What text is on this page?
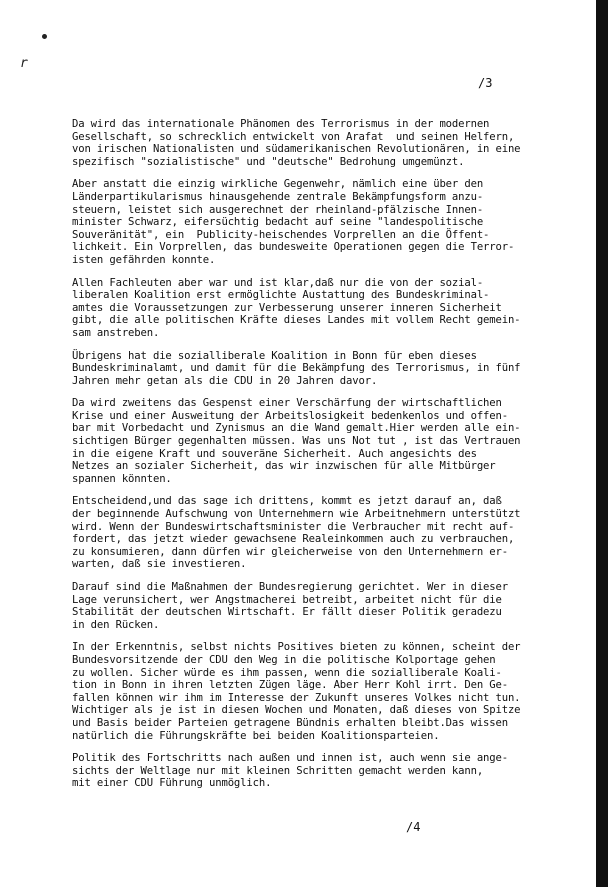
r
/3

Da wird das internationale Phänomen des Terrorismus in der modernen
Gesellschaft, so schrecklich entwickelt von Arafat  und seinen Helfern,
von irischen Nationalisten und südamerikanischen Revolutionären, in eine
spezifisch "sozialistische" und "deutsche" Bedrohung umgemünzt.

Aber anstatt die einzig wirkliche Gegenwehr, nämlich eine über den
Länderpartikularismus hinausgehende zentrale Bekämpfungsform anzu-
steuern, leistet sich ausgerechnet der rheinland-pfälzische Innen-
minister Schwarz, eifersüchtig bedacht auf seine "landespolitische
Souveränität", ein  Publicity-heischendes Vorprellen an die Öffent-
lichkeit. Ein Vorprellen, das bundesweite Operationen gegen die Terror-
isten gefährden konnte.

Allen Fachleuten aber war und ist klar,daß nur die von der sozial-
liberalen Koalition erst ermöglichte Austattung des Bundeskriminal-
amtes die Voraussetzungen zur Verbesserung unserer inneren Sicherheit
gibt, die alle politischen Kräfte dieses Landes mit vollem Recht gemein-
sam anstreben.

Übrigens hat die sozialliberale Koalition in Bonn für eben dieses
Bundeskriminalamt, und damit für die Bekämpfung des Terrorismus, in fünf
Jahren mehr getan als die CDU in 20 Jahren davor.

Da wird zweitens das Gespenst einer Verschärfung der wirtschaftlichen
Krise und einer Ausweitung der Arbeitslosigkeit bedenkenlos und offen-
bar mit Vorbedacht und Zynismus an die Wand gemalt.Hier werden alle ein-
sichtigen Bürger gegenhalten müssen. Was uns Not tut , ist das Vertrauen
in die eigene Kraft und souveräne Sicherheit. Auch angesichts des
Netzes an sozialer Sicherheit, das wir inzwischen für alle Mitbürger
spannen könnten.

Entscheidend,und das sage ich drittens, kommt es jetzt darauf an, daß
der beginnende Aufschwung von Unternehmern wie Arbeitnehmern unterstützt
wird. Wenn der Bundeswirtschaftsminister die Verbraucher mit recht auf-
fordert, das jetzt wieder gewachsene Realeinkommen auch zu verbrauchen,
zu konsumieren, dann dürfen wir gleicherweise von den Unternehmern er-
warten, daß sie investieren.

Darauf sind die Maßnahmen der Bundesregierung gerichtet. Wer in dieser
Lage verunsichert, wer Angstmacherei betreibt, arbeitet nicht für die
Stabilität der deutschen Wirtschaft. Er fällt dieser Politik geradezu
in den Rücken.

In der Erkenntnis, selbst nichts Positives bieten zu können, scheint der
Bundesvorsitzende der CDU den Weg in die politische Kolportage gehen
zu wollen. Sicher würde es ihm passen, wenn die sozialliberale Koali-
tion in Bonn in ihren letzten Zügen läge. Aber Herr Kohl irrt. Den Ge-
fallen können wir ihm im Interesse der Zukunft unseres Volkes nicht tun.
Wichtiger als je ist in diesen Wochen und Monaten, daß dieses von Spitze
und Basis beider Parteien getragene Bündnis erhalten bleibt.Das wissen
natürlich die Führungskräfte bei beiden Koalitionsparteien.

Politik des Fortschritts nach außen und innen ist, auch wenn sie ange-
sichts der Weltlage nur mit kleinen Schritten gemacht werden kann,
mit einer CDU Führung unmöglich.

/4
